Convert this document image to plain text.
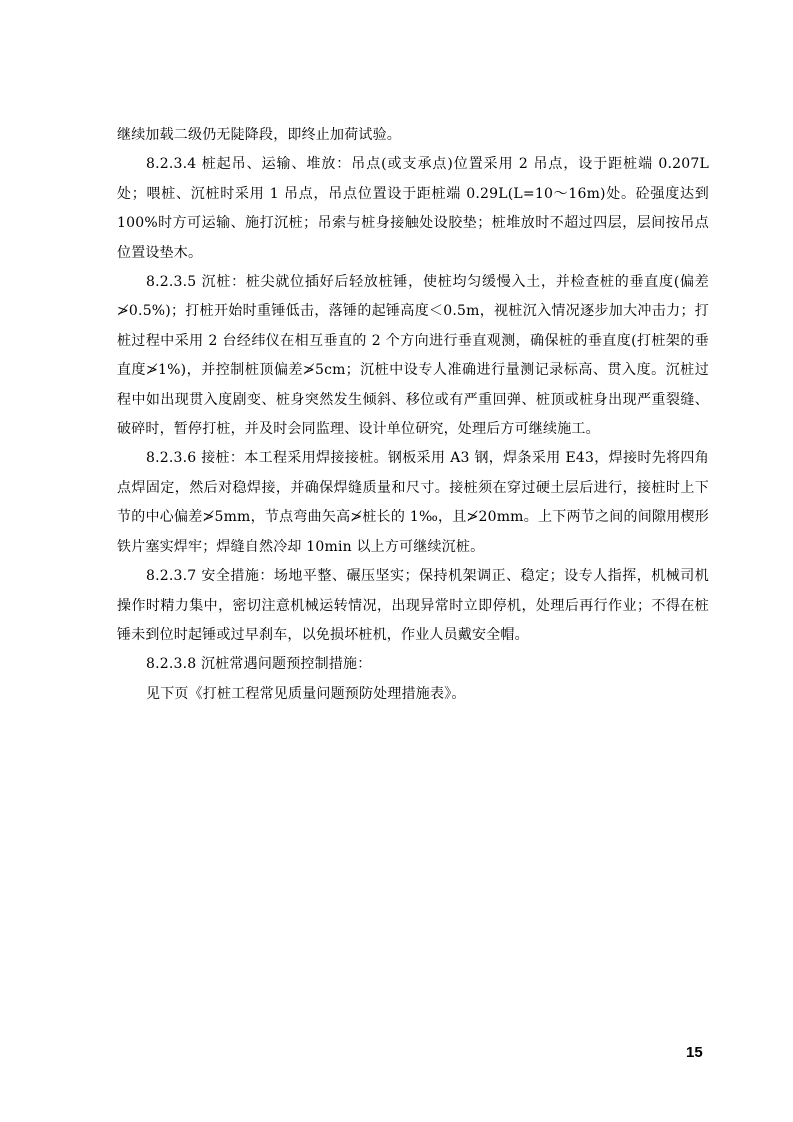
继续加载二级仍无陡降段，即终止加荷试验。

8.2.3.4 桩起吊、运输、堆放：吊点(或支承点)位置采用 2 吊点，设于距桩端 0.207L 处；喂桩、沉桩时采用 1 吊点，吊点位置设于距桩端 0.29L(L=10～16m)处。砼强度达到 100%时方可运输、施打沉桩；吊索与桩身接触处设胶垫；桩堆放时不超过四层，层间按吊点位置设垫木。

8.2.3.5 沉桩：桩尖就位插好后轻放桩锤，使桩均匀缓慢入土，并检查桩的垂直度(偏差≯0.5%)；打桩开始时重锤低击，落锤的起锤高度＜0.5m，视桩沉入情况逐步加大冲击力；打桩过程中采用 2 台经纬仪在相互垂直的 2 个方向进行垂直观测，确保桩的垂直度(打桩架的垂直度≯1%)，并控制桩顶偏差≯5cm；沉桩中设专人准确进行量测记录标高、贯入度。沉桩过程中如出现贯入度剧变、桩身突然发生倾斜、移位或有严重回弹、桩顶或桩身出现严重裂缝、破碎时，暂停打桩，并及时会同监理、设计单位研究，处理后方可继续施工。

8.2.3.6 接桩：本工程采用焊接接桩。钢板采用 A3 钢，焊条采用 E43，焊接时先将四角点焊固定，然后对稳焊接，并确保焊缝质量和尺寸。接桩须在穿过硬土层后进行，接桩时上下节的中心偏差≯5mm，节点弯曲矢高≯桩长的 1‰，且≯20mm。上下两节之间的间隙用楔形铁片塞实焊牢；焊缝自然冷却 10min 以上方可继续沉桩。

8.2.3.7 安全措施：场地平整、碾压坚实；保持机架调正、稳定；设专人指挥，机械司机操作时精力集中，密切注意机械运转情况，出现异常时立即停机，处理后再行作业；不得在桩锤未到位时起锤或过早刹车，以免损坏桩机，作业人员戴安全帽。

8.2.3.8 沉桩常遇问题预控制措施：

见下页《打桩工程常见质量问题预防处理措施表》。

15
